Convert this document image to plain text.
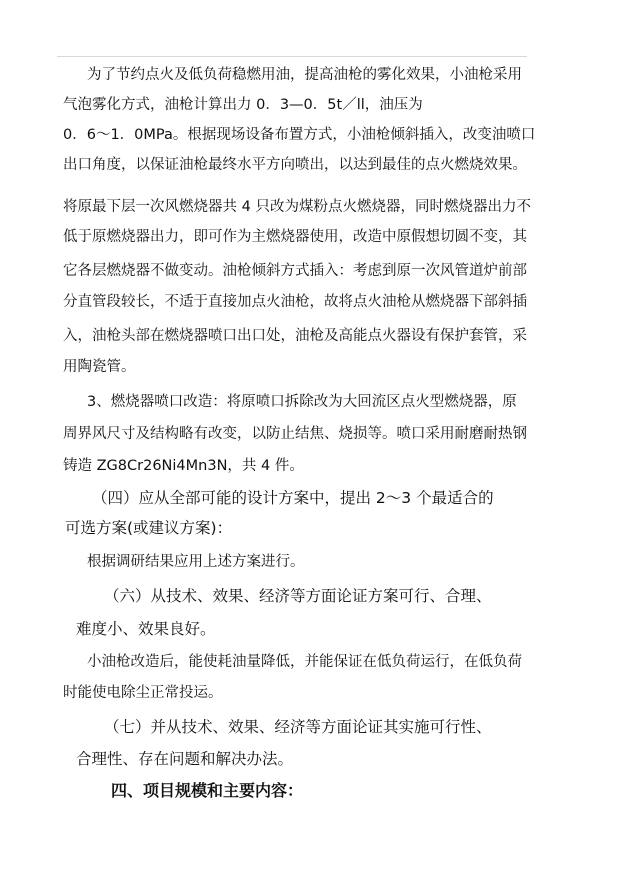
为了节约点火及低负荷稳燃用油，提高油枪的雾化效果，小油枪采用
气泡雾化方式，油枪计算出力 0．3—0．5t／ll，油压为
0．6～1．0MPa。根据现场设备布置方式，小油枪倾斜插入，改变油喷口
出口角度，以保证油枪最终水平方向喷出，以达到最佳的点火燃烧效果。
将原最下层一次风燃烧器共 4 只改为煤粉点火燃烧器，同时燃烧器出力不
低于原燃烧器出力，即可作为主燃烧器使用，改造中原假想切圆不变，其
它各层燃烧器不做变动。油枪倾斜方式插入：考虑到原一次风管道炉前部
分直管段较长，不适于直接加点火油枪，故将点火油枪从燃烧器下部斜插
入，油枪头部在燃烧器喷口出口处，油枪及高能点火器设有保护套管，采
用陶瓷管。
3、燃烧器喷口改造：将原喷口拆除改为大回流区点火型燃烧器，原
周界风尺寸及结构略有改变，以防止结焦、烧损等。喷口采用耐磨耐热钢
铸造 ZG8Cr26Ni4Mn3N，共 4 件。
（四）应从全部可能的设计方案中，提出 2～3 个最适合的
可选方案(或建议方案)：
根据调研结果应用上述方案进行。
（六）从技术、效果、经济等方面论证方案可行、合理、
难度小、效果良好。
小油枪改造后，能使耗油量降低，并能保证在低负荷运行，在低负荷
时能使电除尘正常投运。
（七）并从技术、效果、经济等方面论证其实施可行性、
合理性、存在问题和解决办法。
四、项目规模和主要内容：
